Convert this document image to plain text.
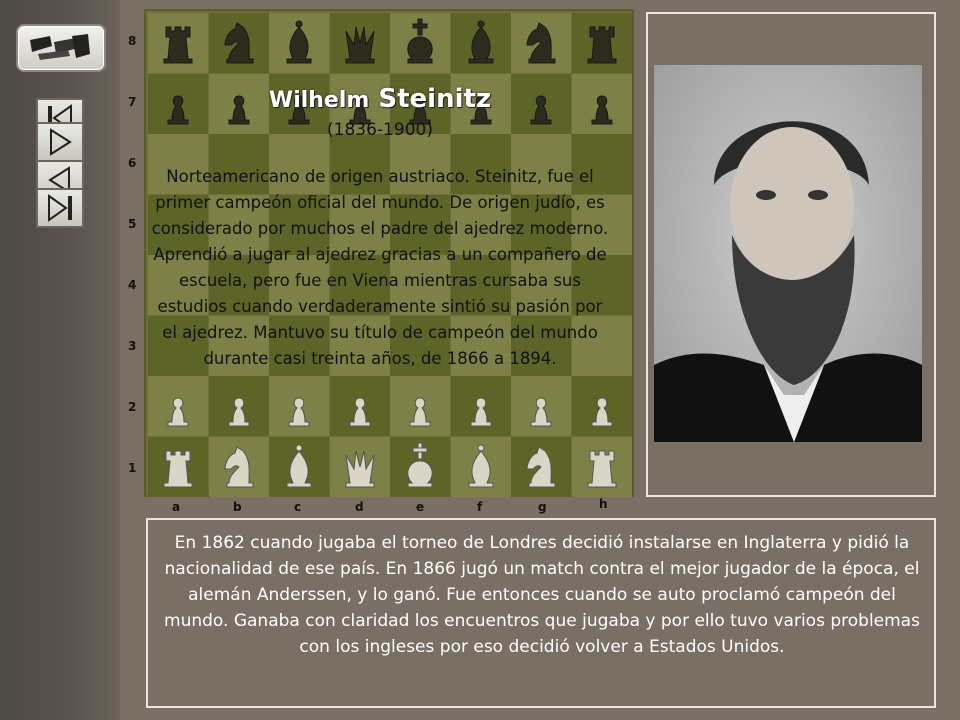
8
7
6
5
4
3
2
1
a	b	c	d	e	f	g	h
Wilhelm Steinitz
(1836-1900)
Norteamericano de origen austriaco. Steinitz, fue el primer campeón oficial del mundo. De origen judío, es considerado por muchos el padre del ajedrez moderno. Aprendió a jugar al ajedrez gracias a un compañero de escuela, pero fue en Viena mientras cursaba sus estudios cuando verdaderamente sintió su pasión por el ajedrez. Mantuvo su título de campeón del mundo durante casi treinta años, de 1866 a 1894.
En 1862 cuando jugaba el torneo de Londres decidió instalarse en Inglaterra y pidió la nacionalidad de ese país. En 1866 jugó un match contra el mejor jugador de la época, el alemán Anderssen, y lo ganó. Fue entonces cuando se auto proclamó campeón del mundo. Ganaba con claridad los encuentros que jugaba y por ello tuvo varios problemas con los ingleses por eso decidió volver a Estados Unidos.
